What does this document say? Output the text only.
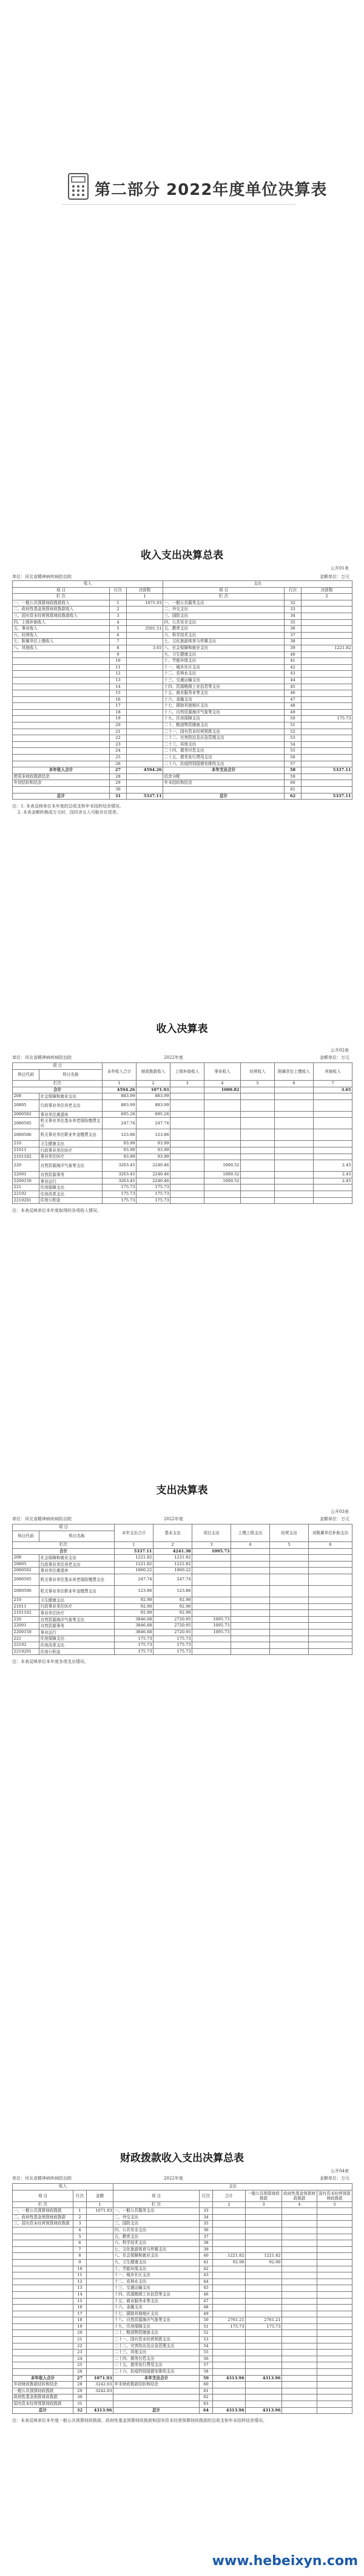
第二部分 2022年度单位决算表
收入支出决算总表
公开01表
单位：河北省精神病疾病防治院	金额单位：万元
收入			支出		
项 目	行次	决算数	项 目	行次	决算数
栏 次		1	栏 次		2
一、一般公共预算财政拨款收入	1	1071.93	一、一般公共服务支出	32	
二、政府性基金预算财政拨款收入	2		二、外交支出	33	
三、国有资本经营预算财政拨款收入	3		三、国防支出	34	
四、上级补助收入	4		四、公共安全支出	35	
五、事业收入	5	3501.51	五、教育支出	36	
六、经营收入	6		六、科学技术支出	37	
七、附属单位上缴收入	7		七、文化旅游体育与传媒支出	38	
八、其他收入	8	3.65	八、社会保障和就业支出	39	1221.82
	9		九、卫生健康支出	40	
	10		十、节能环保支出	41	
	11		十一、城乡社区支出	42	
	12		十二、农林水支出	43	
	13		十三、交通运输支出	44	
	14		十四、资源勘探工业信息等支出	45	
	15		十五、商业服务业等支出	46	
	16		十六、金融支出	47	
	17		十七、援助其他地区支出	48	
	18		十八、自然资源海洋气象等支出	49	
	19		十九、住房保障支出	50	175.73
	20		二十、粮油物资储备支出	51	
	21		二十一、国有资本经营预算支出	52	
	22		二十二、灾害防治及应急管理支出	53	
	23		二十三、其他支出	54	
	24		二十四、债务付息支出	55	
	25		二十五、债务发行费用支出	56	
	26		二十六、抗疫特别国债安排的支出	57	
本年收入合计	27	4594.26	本年支出合计	58	5337.11
使用非财政拨款结余	28		结余分配	59	
年初结转和结余	29		年末结转和结余	60	
	30			61	
总计	31	5337.11	总计	62	5337.11
注：1. 本表反映单位本年度的总收支和年末结转结余情况。
2. 本表金额转换成万元时，因四舍五入可能存在尾差。
收入决算表
公开02表
单位：河北省精神病疾病防治院	2022年度	金额单位：万元
项 目		本年收入合计	财政拨款收入	上级补助收入	事业收入	经营收入	附属单位上缴收入	其他收入
科目代码	科目名称							

栏次		1	2	3	4	5	6	7
合计		4594.26	1071.93		1000.82			3.65
208	社会保障和就业支出	883.99	883.99					
20805	行政事业单位养老支出	883.99	883.99					
2080502	事业单位离退休	695.26	695.26					
2080505	机关事业单位基本养老保险缴费支出	247.74	247.74					
2080506	机关事业单位职业年金缴费支出	123.86	123.86					
210	卫生健康支出	93.99	93.99					
21011	行政事业单位医疗	93.99	93.99					
2101102	事业单位医疗	93.99	93.99					
220	自然资源海洋气象等支出	3263.45	2240.46		1000.52			2.45
22001	自然资源事务	3263.45	2240.46		1000.52			2.45
2200150	事业运行	3263.45	2240.46		1000.52			2.45
221	住房保障支出	175.73	175.73					
22102	住房改革支出	175.73	175.73					
2210201	住房公积金	175.73	175.73					
注：本表反映单位本年度取得的各项收入情况。
支出决算表
公开03表
单位：河北省精神病疾病防治院	2022年度	金额单位：万元
项 目		本年支出合计	基本支出	项目支出	上缴上级支出	经营支出	对附属单位补助支出
科目代码	科目名称						

栏次		1	2	3	4	5	6
合计		5337.11	4241.38	1095.73			
208	社会保障和就业支出	1221.82	1221.82				
20805	行政事业单位养老支出	1221.82	1221.82				
2080502	事业单位离退休	1060.22	1060.22				
2080505	机关事业单位基本养老保险缴费支出	247.74	247.74				
2080506	机关事业单位职业年金缴费支出	123.86	123.86				
210	卫生健康支出	92.90	92.90				
21011	行政事业单位医疗	92.90	92.90				
2101102	事业单位医疗	92.90	92.90				
220	自然资源海洋气象等支出	3846.68	2720.95	1095.73			
22001	自然资源事务	3846.68	2720.95	1095.73			
2200150	事业运行	3846.68	2720.95	1095.73			
221	住房保障支出	175.73	175.73				
22102	住房改革支出	175.73	175.73				
2210201	住房公积金	175.73	175.73				
注：本表反映单位本年度各项支出情况。
财政拨款收入支出决算总表
公开04表
单位：河北省精神病疾病防治院	2022年度	金额单位：万元
收入			支出					
项 目	行次	金额	项 目	行次	合计	一般公共预算财政拨款	政府性基金预算财政拨款	国有资本经营预算财政拨款
栏 次		1	栏 次		2	3	4	5
一、一般公共预算财政拨款	1	1071.93	一、一般公共服务支出	33				
二、政府性基金预算财政拨款	2		二、外交支出	34				
三、国有资本经营预算财政拨款	3		三、国防支出	35				
	4		四、公共安全支出	36				
	5		五、教育支出	37				
	6		六、科学技术支出	38				
	7		七、文化旅游体育与传媒支出	39				
	8		八、社会保障和就业支出	40	1221.82	1221.82		
	9		九、卫生健康支出	41	92.90	92.90		
	10		十、节能环保支出	42				
	11		十一、城乡社区支出	43				
	12		十二、农林水支出	44				
	13		十三、交通运输支出	45				
	14		十四、资源勘探工业信息等支出	46				
	15		十五、商业服务业等支出	47				
	16		十六、金融支出	48				
	17		十七、援助其他地区支出	49				
	18		十八、自然资源海洋气象等支出	50	2761.21	2761.21		
	19		十九、住房保障支出	51	175.73	175.73		
	20		二十、粮油物资储备支出	52				
	21		二十一、国有资本经营预算支出	53				
	22		二十二、灾害防治及应急管理支出	54				
	23		二十三、其他支出	55				
	24		二十四、债务付息支出	56				
	25		二十五、债务发行费用支出	57				
	26		二十六、抗疫特别国债安排的支出	58				
本年收入合计	27	1071.93	本年支出合计	59	4313.96	4313.96		
年初财政拨款结转和结余	28	3242.03	年末财政拨款结转和结余	60				
一般公共预算财政拨款	29	3242.03		61				
政府性基金预算财政拨款	30			62				
国有资本经营预算财政拨款	31			63				
总计	32	4313.96	总计	64	4313.96	4313.96		
注：本表反映单位本年度一般公共预算财政拨款、政府性基金预算财政拨款和国有资本经营预算财政拨款的总收支和年末结转结余情况。
www.hebeixyn.com
